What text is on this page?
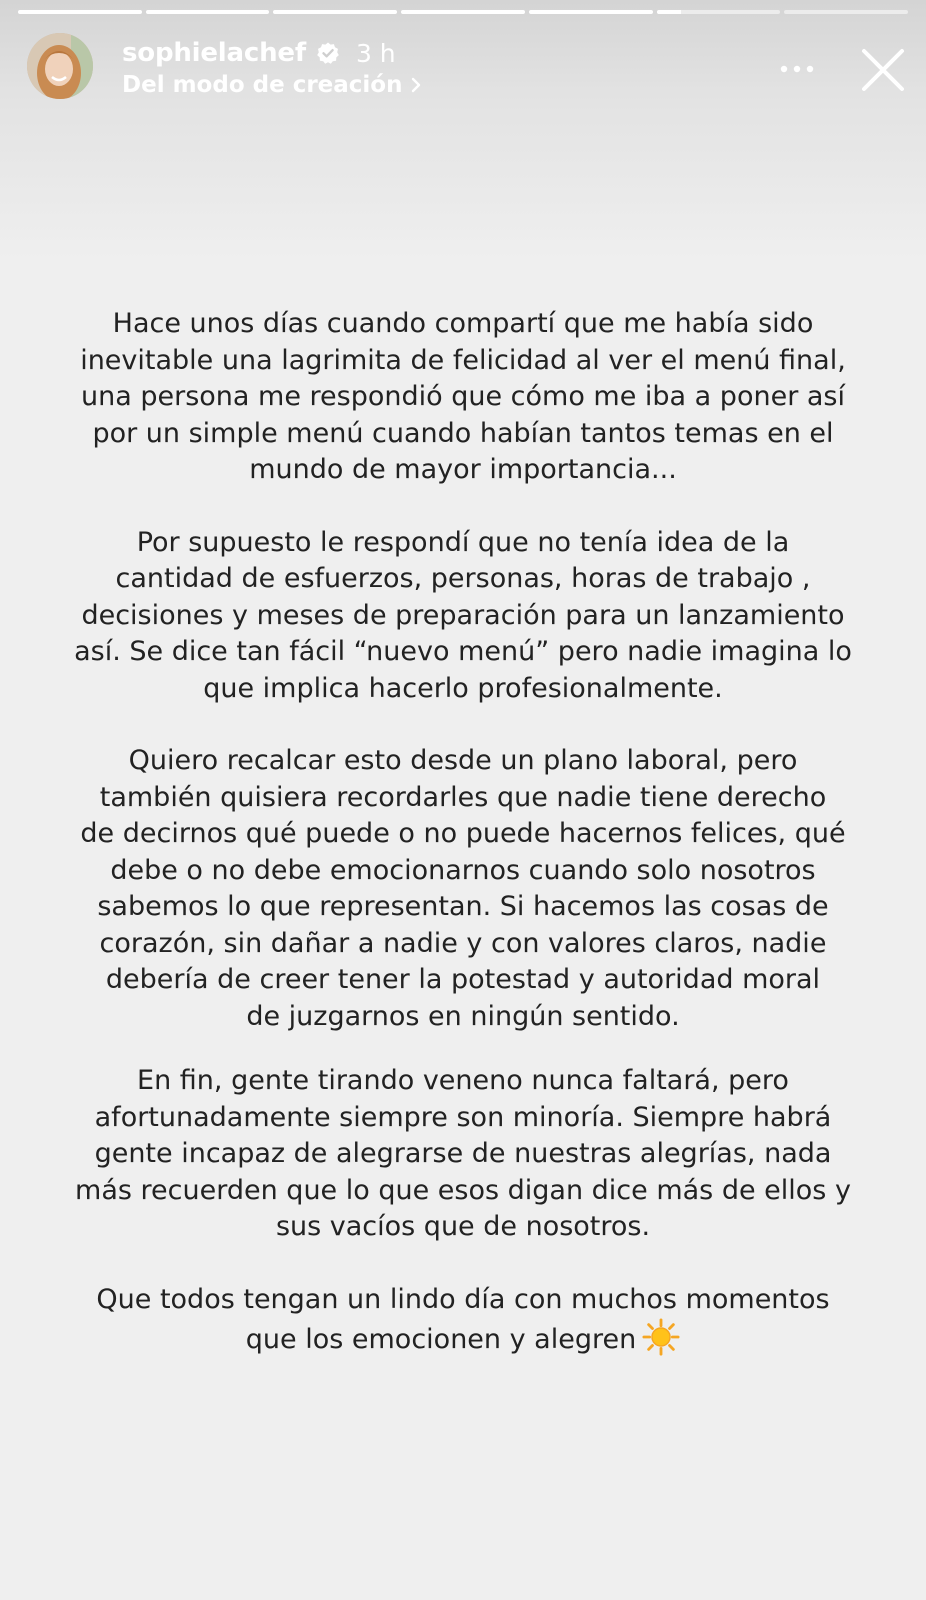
sophielachef 3 h
Del modo de creación

Hace unos días cuando compartí que me había sido
inevitable una lagrimita de felicidad al ver el menú final,
una persona me respondió que cómo me iba a poner así
por un simple menú cuando habían tantos temas en el
mundo de mayor importancia...

Por supuesto le respondí que no tenía idea de la
cantidad de esfuerzos, personas, horas de trabajo ,
decisiones y meses de preparación para un lanzamiento
así. Se dice tan fácil “nuevo menú” pero nadie imagina lo
que implica hacerlo profesionalmente.

Quiero recalcar esto desde un plano laboral, pero
también quisiera recordarles que nadie tiene derecho
de decirnos qué puede o no puede hacernos felices, qué
debe o no debe emocionarnos cuando solo nosotros
sabemos lo que representan. Si hacemos las cosas de
corazón, sin dañar a nadie y con valores claros, nadie
debería de creer tener la potestad y autoridad moral
de juzgarnos en ningún sentido.

En fin, gente tirando veneno nunca faltará, pero
afortunadamente siempre son minoría. Siempre habrá
gente incapaz de alegrarse de nuestras alegrías, nada
más recuerden que lo que esos digan dice más de ellos y
sus vacíos que de nosotros.

Que todos tengan un lindo día con muchos momentos
que los emocionen y alegren
